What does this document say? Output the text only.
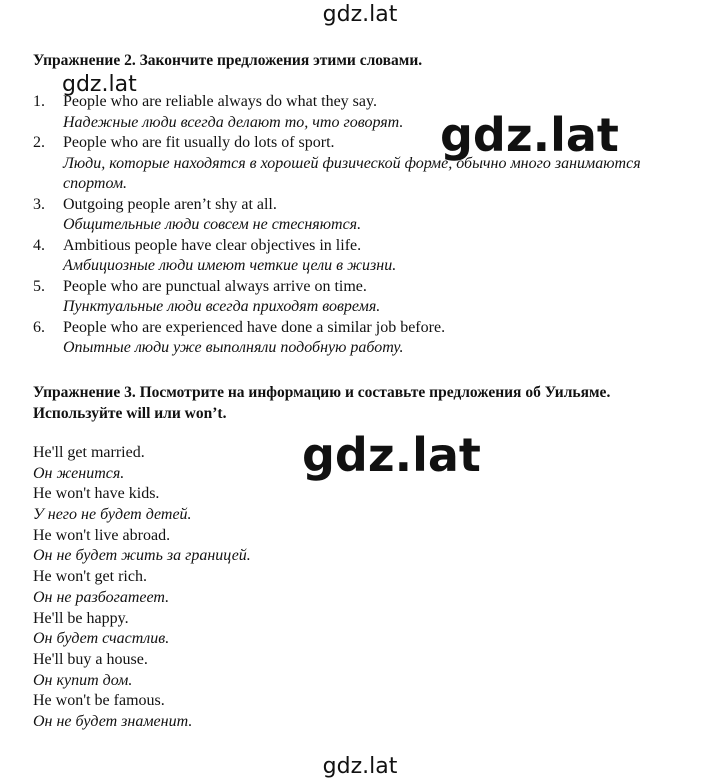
Упражнение 2. Закончите предложения этими словами.
1.	People who are reliable always do what they say.
Надежные люди всегда делают то, что говорят.
2.	People who are fit usually do lots of sport.
Люди, которые находятся в хорошей физической форме, обычно много занимаются спортом.
3.	Outgoing people aren’t shy at all.
Общительные люди совсем не стесняются.
4.	Ambitious people have clear objectives in life.
Амбициозные люди имеют четкие цели в жизни.
5.	People who are punctual always arrive on time.
Пунктуальные люди всегда приходят вовремя.
6.	People who are experienced have done a similar job before.
Опытные люди уже выполняли подобную работу.
Упражнение 3. Посмотрите на информацию и составьте предложения об Уильяме. Используйте will или won’t.
He'll get married.
Он женится.
He won't have kids.
У него не будет детей.
He won't live abroad.
Он не будет жить за границей.
He won't get rich.
Он не разбогатеет.
He'll be happy.
Он будет счастлив.
He'll buy a house.
Он купит дом.
He won't be famous.
Он не будет знаменит.
gdz.lat
gdz.lat
gdz.lat
gdz.lat
gdz.lat
